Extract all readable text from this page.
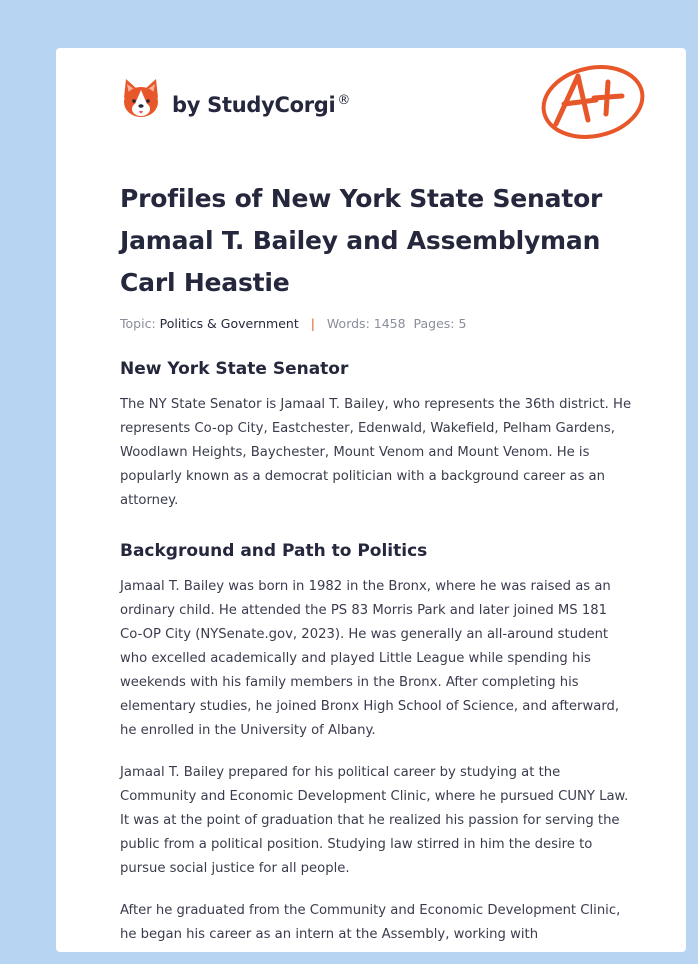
by StudyCorgi ®
Profiles of New York State Senator Jamaal T. Bailey and Assemblyman Carl Heastie
Topic: Politics & Government | Words: 1458 Pages: 5
New York State Senator

The NY State Senator is Jamaal T. Bailey, who represents the 36th district. He represents Co-op City, Eastchester, Edenwald, Wakefield, Pelham Gardens, Woodlawn Heights, Baychester, Mount Venom and Mount Venom. He is popularly known as a democrat politician with a background career as an attorney.

Background and Path to Politics

Jamaal T. Bailey was born in 1982 in the Bronx, where he was raised as an ordinary child. He attended the PS 83 Morris Park and later joined MS 181 Co-OP City (NYSenate.gov, 2023). He was generally an all-around student who excelled academically and played Little League while spending his weekends with his family members in the Bronx. After completing his elementary studies, he joined Bronx High School of Science, and afterward, he enrolled in the University of Albany.

Jamaal T. Bailey prepared for his political career by studying at the Community and Economic Development Clinic, where he pursued CUNY Law. It was at the point of graduation that he realized his passion for serving the public from a political position. Studying law stirred in him the desire to pursue social justice for all people.

After he graduated from the Community and Economic Development Clinic, he began his career as an intern at the Assembly, working with
